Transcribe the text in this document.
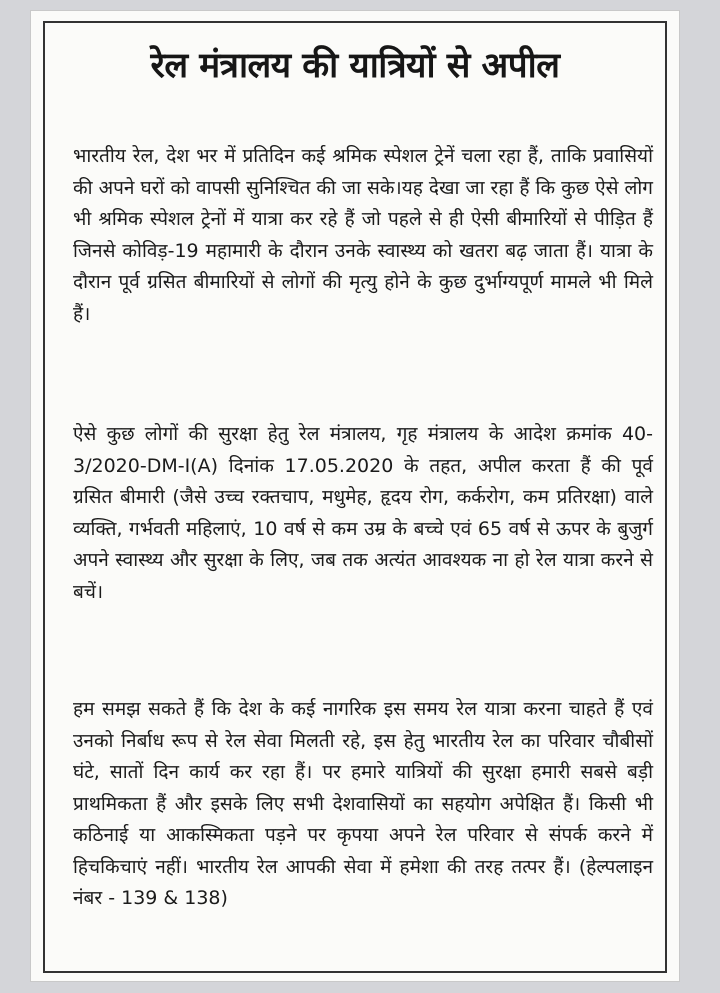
रेल मंत्रालय की यात्रियों से अपील

भारतीय रेल, देश भर में प्रतिदिन कई श्रमिक स्पेशल ट्रेनें चला रहा हैं, ताकि प्रवासियों की अपने घरों को वापसी सुनिश्चित की जा सके।यह देखा जा रहा हैं कि कुछ ऐसे लोग भी श्रमिक स्पेशल ट्रेनों में यात्रा कर रहे हैं जो पहले से ही ऐसी बीमारियों से पीड़ित हैं जिनसे कोविड़-19 महामारी के दौरान उनके स्वास्थ्य को खतरा बढ़ जाता हैं। यात्रा के दौरान पूर्व ग्रसित बीमारियों से लोगों की मृत्यु होने के कुछ दुर्भाग्यपूर्ण मामले भी मिले हैं।

ऐसे कुछ लोगों की सुरक्षा हेतु रेल मंत्रालय, गृह मंत्रालय के आदेश क्रमांक 40-3/2020-DM-I(A) दिनांक 17.05.2020 के तहत, अपील करता हैं की पूर्व ग्रसित बीमारी (जैसे उच्च रक्तचाप, मधुमेह, हृदय रोग, कर्करोग, कम प्रतिरक्षा) वाले व्यक्ति, गर्भवती महिलाएं, 10 वर्ष से कम उम्र के बच्चे एवं 65 वर्ष से ऊपर के बुजुर्ग अपने स्वास्थ्य और सुरक्षा के लिए, जब तक अत्यंत आवश्यक ना हो रेल यात्रा करने से बचें।

हम समझ सकते हैं कि देश के कई नागरिक इस समय रेल यात्रा करना चाहते हैं एवं उनको निर्बाध रूप से रेल सेवा मिलती रहे, इस हेतु भारतीय रेल का परिवार चौबीसों घंटे, सातों दिन कार्य कर रहा हैं। पर हमारे यात्रियों की सुरक्षा हमारी सबसे बड़ी प्राथमिकता हैं और इसके लिए सभी देशवासियों का सहयोग अपेक्षित हैं। किसी भी कठिनाई या आकस्मिकता पड़ने पर कृपया अपने रेल परिवार से संपर्क करने में हिचकिचाएं नहीं। भारतीय रेल आपकी सेवा में हमेशा की तरह तत्पर हैं। (हेल्पलाइन नंबर - 139 & 138)
